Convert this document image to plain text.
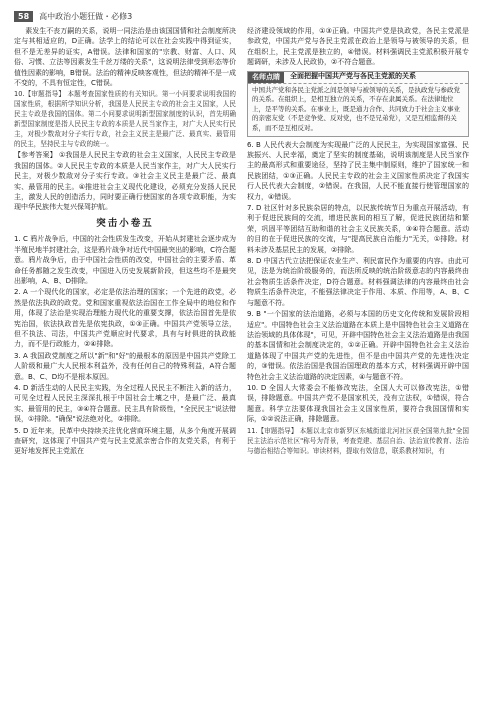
58	高中政治小题狂做・必修3

素发生不丧万嗣的关系，说明一同法治是由该国国情和社会制度所决定与其相适应的，D正确。法学上的结论可以在社会实践中得到证实，但不是无差异的证实，A错误。法律和国家的"宗教、财富、人口、风俗、习惯、立法等因素发生千丝万缕的关系"，这说明法律受到形态等价值性因素的影响，B错误。法治的精神反映客观性，但法的精神不是一成不变的，不具有恒定性，C错误。

10.【审题指导】 本题考查国家性质的有关知识。第一小问要求说明我国的国家性质，根据所学知识分析，我国是人民民主专政的社会主义国家，人民民主专政是我国的国体。第二小问要求说明新型国家制度的认识，首先明确新型国家制度是指人民民主专政的本质是人民当家作主，对广大人民实行民主，对极少数敌对分子实行专政，社会主义民主是最广泛、最真实、最管用的民主，坚持民主与专政的统一。

【参考答案】 ①我国是人民民主专政的社会主义国家，人民民主专政是我国的国体。②人民民主专政的本质是人民当家作主，对广大人民实行民主，对极少数敌对分子实行专政。③社会主义民主是最广泛、最真实、最管用的民主。④推进社会主义现代化建设，必须充分发扬人民民主，激发人民的创造活力，同时要正确行使国家的各项专政职能，为实现中华民族伟大复兴保驾护航。

突击小卷五

1. C 鸦片战争后，中国的社会性质发生改变，开始从封建社会逐步成为半殖民地半封建社会，这是鸦片战争对近代中国最突出的影响，C符合题意。鸦片战争后，由于中国社会性质的改变，中国社会的主要矛盾、革命任务都随之发生改变，中国进入历史发展新阶段，但这些均不是最突出影响，A、B、D排除。

2. A 一个现代化的国家，必定是依法治理的国家；一个先进的政党，必然是依法执政的政党。党和国家重视依法治国在工作全局中的地位和作用，体现了法治是实现治理能力现代化的重要支撑，依法治国首先是依宪治国，依法执政首先是依宪执政，①③正确。中国共产党领导立法，但不执法、司法，中国共产党顺应时代要求，具有与时俱进的执政能力，而不是行政能力，②④排除。

3. A 我国政党制度之所以"新"和"好"的最根本的原因是中国共产党除工人阶级和最广大人民根本利益外，没有任何自己的特殊利益，A符合题意。B、C、D均不是根本原因。

4. D 新活生动的人民民主实践，为全过程人民民主不断注入新的活力，可见全过程人民民主深深扎根于中国社会土壤之中，是最广泛、最真实、最管用的民主，③④符合题意。民主具有阶级性，"全民民主"说法错误，①排除。"确保"说法绝对化，②排除。

5. D 近年来，民革中央持续关注优化营商环境主题，从多个角度开展调查研究，这体现了中国共产党与民主党派亲密合作的友党关系，有利于更好地发挥民主党派在

经济建设领域的作用，①③正确。中国共产党是执政党，各民主党派是参政党，中国共产党与各民主党派在政治上是领导与被领导的关系，但在组织上，民主党派是独立的，④错误。材料强调民主党派积极开展专题调研，未涉及人民政协，②不符合题意。

名师点睛	全面把握中国共产党与各民主党派的关系
中国共产党和各民主党派之间是领导与被领导的关系，是执政党与参政党的关系。在组织上，是相互独立的关系，不存在隶属关系。在法律地位上，是平等的关系。在事业上，既是通力合作、共同致力于社会主义事业的亲密友党（不是竞争党、反对党，也不是兄弟党），又是互相监督的关系，而不是互相反对。

6. B 人民代表大会制度为实现最广泛的人民民主，为实现国家富强、民族振兴、人民幸福，奠定了坚实的制度基础，说明该制度是人民当家作主的最高形式和重要途径，坚持了民主集中制原则，维护了国家统一和民族团结，①③正确。人民民主专政的社会主义国家性质决定了我国实行人民代表大会制度，②错误。在我国，人民不能直接行使管理国家的权力，④错误。

7. D 社区针对多民族杂居的特点，以民族传统节日为重点开展活动，有利于促进民族间的交流，增进民族间的相互了解，促进民族团结和繁荣，巩固平等团结互助和谐的社会主义民族关系，③④符合题意。活动的目的在于促进民族的交流，与"提高民族自治能力"无关，①排除。材料未涉及基层民主的发展，②排除。

8. D 中国古代立法把保证农业生产、利民富民作为重要的内容。由此可见，法是为统治阶级服务的，而法所反映的统治阶级意志的内容最终由社会物质生活条件决定，D符合题意。材料强调法律的内容最终由社会物质生活条件决定，不能强法律决定于作用、本质、作用等，A、B、C与题意不符。

9. B "一个国家的法治道路，必须与本国的历史文化传统和发展阶段相适应"。中国特色社会主义法治道路在本质上是中国特色社会主义道路在法治领域的具体体现"，可见，开辟中国特色社会主义法治道路是由我国的基本国情和社会制度决定的，①②正确。开辟中国特色社会主义法治道路体现了中国共产党的先进性，但不是由中国共产党的先进性决定的，③错误。依法治国是我国治国理政的基本方式，材料强调开辟中国特色社会主义法治道路的决定因素，④与题意不符。

10. D 全国人大常委会不能修改宪法，全国人大可以修改宪法，①错误，排除题意。中国共产党不是国家机关，没有立法权，①错误，符合题意。科学立法要体现我国社会主义国家性质，要符合我国国情和实际，①②说法正确，排除题意。

11.【审题指导】 本题以北京市新罗区东城街道北河社区获全国第九批"全国民主法治示范社区"称号为背景，考查党建、基层自治、法治宣传教育、法治与德治相结合等知识。审读材料，提取有效信息，联系教材知识，有
